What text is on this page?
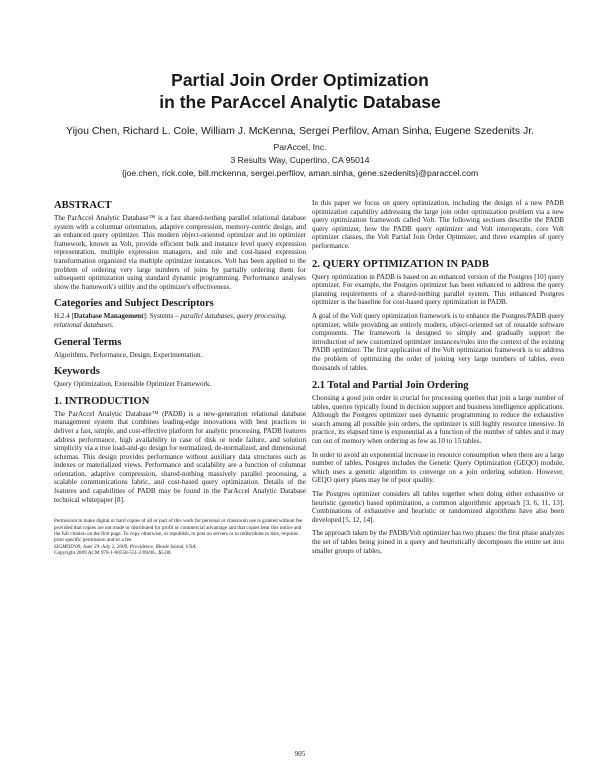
Partial Join Order Optimization
in the ParAccel Analytic Database
Yijou Chen, Richard L. Cole, William J. McKenna, Sergei Perfilov, Aman Sinha, Eugene Szedenits Jr.
ParAccel, Inc.
3 Results Way, Cupertino, CA 95014
{joe.chen, rick.cole, bill.mckenna, sergei.perfilov, aman.sinha, gene.szedenits}@paraccel.com
ABSTRACT

The ParAccel Analytic Database™ is a fast shared-nothing parallel relational database system with a columnar orientation, adaptive compression, memory-centric design, and an enhanced query optimizer. This modern object-oriented optimizer and its optimizer framework, known as Volt, provide efficient bulk and instance level query expression representation, multiple expression managers, and rule and cost-based expression transformation organized via multiple optimizer instances. Volt has been applied to the problem of ordering very large numbers of joins by partially ordering them for subsequent optimization using standard dynamic programming. Performance analyses show the framework's utility and the optimizer's effectiveness.

Categories and Subject Descriptors

H.2.4 [Database Management]: Systems – parallel databases, query processing, relational databases.

General Terms

Algorithms, Performance, Design, Experimentation.

Keywords

Query Optimization, Extensible Optimizer Framework.

1. INTRODUCTION

The ParAccel Analytic Database™ (PADB) is a new-generation relational database management system that combines leading-edge innovations with best practices to deliver a fast, simple, and cost-effective platform for analytic processing. PADB features address performance, high availability in case of disk or node failure, and solution simplicity via a true load-and-go design for normalized, de-normalized, and dimensional schemas. This design provides performance without auxiliary data structures such as indexes or materialized views. Performance and scalability are a function of columnar orientation, adaptive compression, shared-nothing massively parallel processing, a scalable communications fabric, and cost-based query optimization. Details of the features and capabilities of PADB may be found in the ParAccel Analytic Database technical whitepaper [8].

Permission to make digital or hard copies of all or part of this work for personal or classroom use is granted without fee provided that copies are not made or distributed for profit or commercial advantage and that copies bear this notice and the full citation on the first page. To copy otherwise, or republish, to post on servers or to redistribute to lists, requires prior specific permission and/or a fee.

SIGMOD'09, June 29–July 2, 2009, Providence, Rhode Island, USA.

Copyright 2009 ACM 978-1-60558-551-2/09/06...$5.00.

In this paper we focus on query optimization, including the design of a new PADB optimization capability addressing the large join order optimization problem via a new query optimization framework called Volt. The following sections describe the PADB query optimizer, how the PADB query optimizer and Volt interoperate, core Volt optimizer classes, the Volt Partial Join Order Optimizer, and three examples of query performance.

2. QUERY OPTIMIZATION IN PADB

Query optimization in PADB is based on an enhanced version of the Postgres [10] query optimizer. For example, the Postgres optimizer has been enhanced to address the query planning requirements of a shared-nothing parallel system. This enhanced Postgres optimizer is the baseline for cost-based query optimization in PADB.

A goal of the Volt query optimization framework is to enhance the Postgres/PADB query optimizer, while providing an entirely modern, object-oriented set of reusable software components. The framework is designed to simply and gradually support the introduction of new customized optimizer instances/rules into the context of the existing PADB optimizer. The first application of the Volt optimization framework is to address the problem of optimizing the order of joining very large numbers of tables, even thousands of tables.

2.1 Total and Partial Join Ordering

Choosing a good join order is crucial for processing queries that join a large number of tables, queries typically found in decision support and business intelligence applications. Although the Postgres optimizer uses dynamic programming to reduce the exhaustive search among all possible join orders, the optimizer is still highly resource intensive. In practice, its elapsed time is exponential as a function of the number of tables and it may run out of memory when ordering as few as 10 to 15 tables.

In order to avoid an exponential increase in resource consumption when there are a large number of tables, Postgres includes the Genetic Query Optimization (GEQO) module, which uses a genetic algorithm to converge on a join ordering solution. However, GEQO query plans may be of poor quality.

The Postgres optimizer considers all tables together when doing either exhaustive or heuristic (genetic) based optimization, a common algorithmic approach [3, 6, 11, 13]. Combinations of exhaustive and heuristic or randomized algorithms have also been developed [5, 12, 14].

The approach taken by the PADB/Volt optimizer has two phases: the first phase analyzes the set of tables being joined in a query and heuristically decomposes the entire set into smaller groups of tables,

905
